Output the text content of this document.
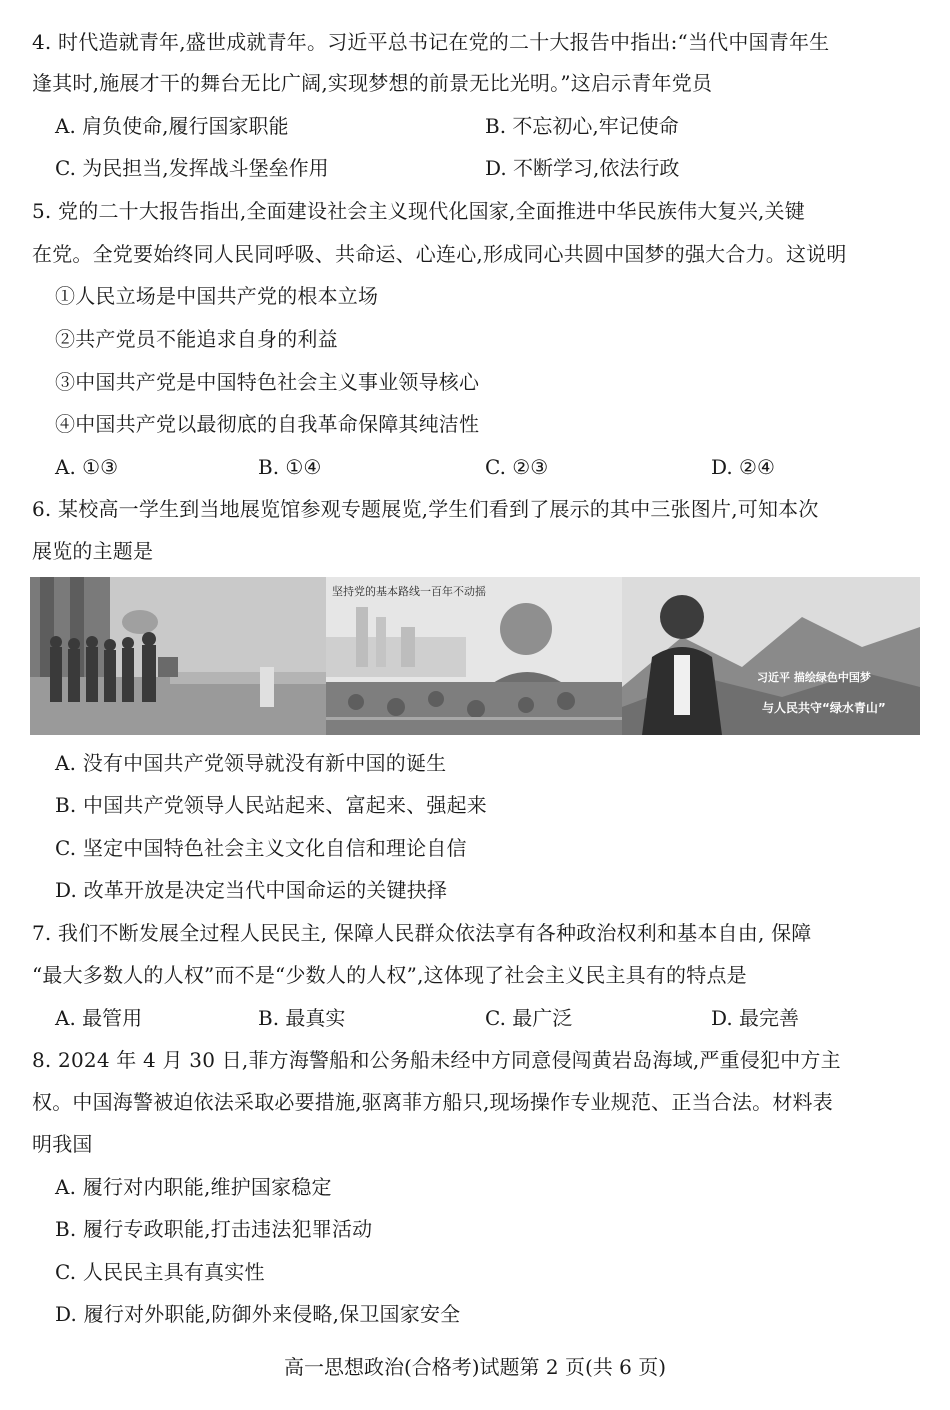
4. 时代造就青年,盛世成就青年。习近平总书记在党的二十大报告中指出:“当代中国青年生
逢其时,施展才干的舞台无比广阔,实现梦想的前景无比光明。”这启示青年党员
A. 肩负使命,履行国家职能	B. 不忘初心,牢记使命
C. 为民担当,发挥战斗堡垒作用	D. 不断学习,依法行政
5. 党的二十大报告指出,全面建设社会主义现代化国家,全面推进中华民族伟大复兴,关键
在党。全党要始终同人民同呼吸、共命运、心连心,形成同心共圆中国梦的强大合力。这说明
①人民立场是中国共产党的根本立场
②共产党员不能追求自身的利益
③中国共产党是中国特色社会主义事业领导核心
④中国共产党以最彻底的自我革命保障其纯洁性
A. ①③	B. ①④	C. ②③	D. ②④
6. 某校高一学生到当地展览馆参观专题展览,学生们看到了展示的其中三张图片,可知本次
展览的主题是
坚持党的基本路线一百年不动摇
习近平 描绘绿色中国梦
与人民共守“绿水青山”
A. 没有中国共产党领导就没有新中国的诞生
B. 中国共产党领导人民站起来、富起来、强起来
C. 坚定中国特色社会主义文化自信和理论自信
D. 改革开放是决定当代中国命运的关键抉择
7. 我们不断发展全过程人民民主, 保障人民群众依法享有各种政治权利和基本自由, 保障
“最大多数人的人权”而不是“少数人的人权”,这体现了社会主义民主具有的特点是
A. 最管用	B. 最真实	C. 最广泛	D. 最完善
8. 2024 年 4 月 30 日,菲方海警船和公务船未经中方同意侵闯黄岩岛海域,严重侵犯中方主
权。中国海警被迫依法采取必要措施,驱离菲方船只,现场操作专业规范、正当合法。材料表
明我国
A. 履行对内职能,维护国家稳定
B. 履行专政职能,打击违法犯罪活动
C. 人民民主具有真实性
D. 履行对外职能,防御外来侵略,保卫国家安全
高一思想政治(合格考)试题第 2 页(共 6 页)
